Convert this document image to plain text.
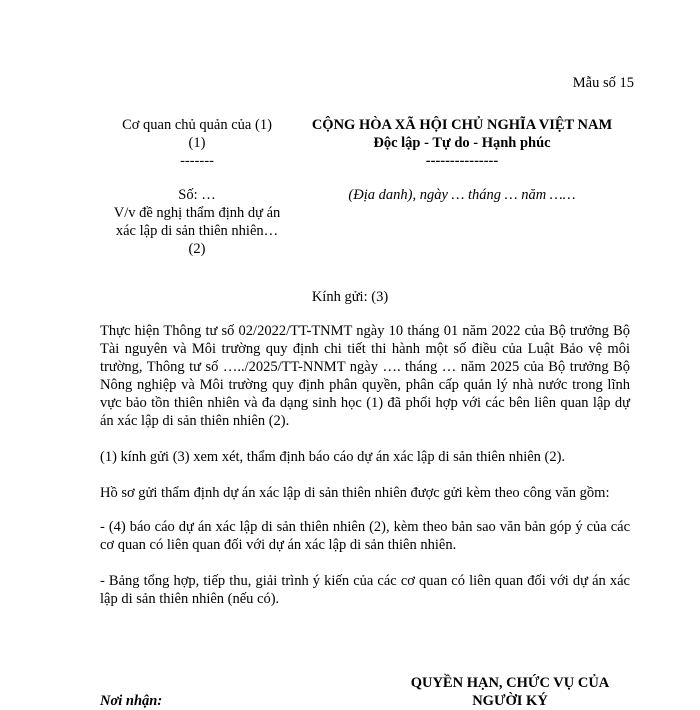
Mẫu số 15
Cơ quan chủ quản của (1)
(1)
-------
Số: …
V/v đề nghị thẩm định dự án
xác lập di sản thiên nhiên…
(2)
CỘNG HÒA XÃ HỘI CHỦ NGHĨA VIỆT NAM
Độc lập - Tự do - Hạnh phúc
---------------
(Địa danh), ngày … tháng … năm ……
Kính gửi: (3)

Thực hiện Thông tư số 02/2022/TT-TNMT ngày 10 tháng 01 năm 2022 của Bộ trưởng Bộ Tài nguyên và Môi trường quy định chi tiết thi hành một số điều của Luật Bảo vệ môi trường, Thông tư số …../2025/TT-NNMT ngày …. tháng … năm 2025 của Bộ trưởng Bộ Nông nghiệp và Môi trường quy định phân quyền, phân cấp quản lý nhà nước trong lĩnh vực bảo tồn thiên nhiên và đa dạng sinh học (1) đã phối hợp với các bên liên quan lập dự án xác lập di sản thiên nhiên (2).

(1) kính gửi (3) xem xét, thẩm định báo cáo dự án xác lập di sản thiên nhiên (2).

Hồ sơ gửi thẩm định dự án xác lập di sản thiên nhiên được gửi kèm theo công văn gồm:

- (4) báo cáo dự án xác lập di sản thiên nhiên (2), kèm theo bản sao văn bản góp ý của các cơ quan có liên quan đối với dự án xác lập di sản thiên nhiên.

- Bảng tổng hợp, tiếp thu, giải trình ý kiến của các cơ quan có liên quan đối với dự án xác lập di sản thiên nhiên (nếu có).

QUYỀN HẠN, CHỨC VỤ CỦA
NGƯỜI KÝ
Nơi nhận:
